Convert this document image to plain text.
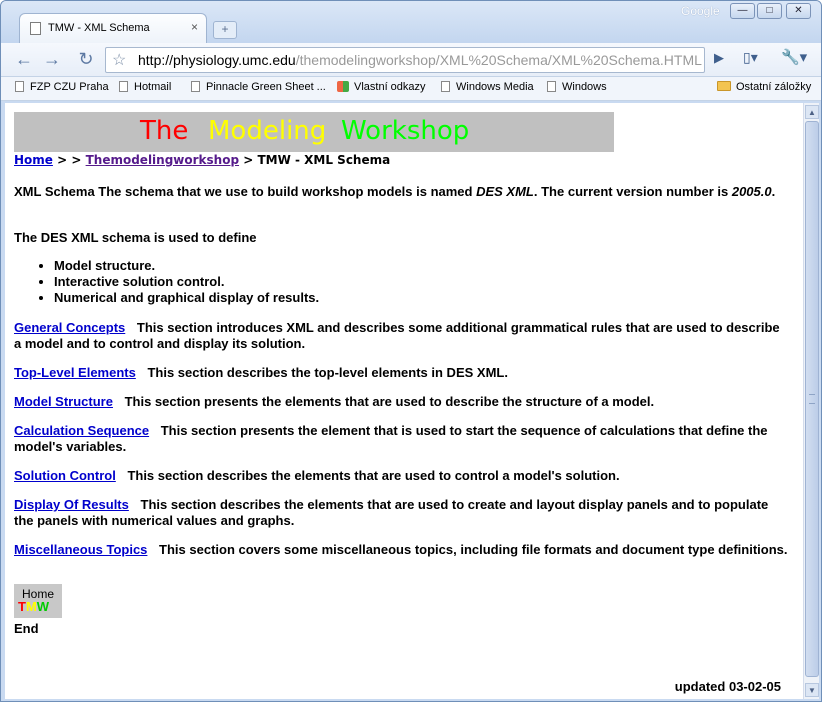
TMW - XML Schema	×	+
Google	—	□	✕
← → ↻ ☆ http://physiology.umc.edu/themodelingworkshop/XML%20Schema/XML%20Schema.HTML ▶ ▯▾ 🔧▾
FZP CZU Praha	Hotmail	Pinnacle Green Sheet ...	Vlastní odkazy	Windows Media	Windows	Ostatní záložky
The Modeling Workshop
Home > > Themodelingworkshop > TMW - XML Schema
XML Schema The schema that we use to build workshop models is named DES XML. The current version number is 2005.0.
The DES XML schema is used to define
• Model structure.
• Interactive solution control.
• Numerical and graphical display of results.
General Concepts This section introduces XML and describes some additional grammatical rules that are used to describe a model and to control and display its solution.
Top-Level Elements This section describes the top-level elements in DES XML.
Model Structure This section presents the elements that are used to describe the structure of a model.
Calculation Sequence This section presents the element that is used to start the sequence of calculations that define the model's variables.
Solution Control This section describes the elements that are used to control a model's solution.
Display Of Results This section describes the elements that are used to create and layout display panels and to populate the panels with numerical values and graphs.
Miscellaneous Topics This section covers some miscellaneous topics, including file formats and document type definitions.
Home
TMW
End
updated 03-02-05
▲
▼
